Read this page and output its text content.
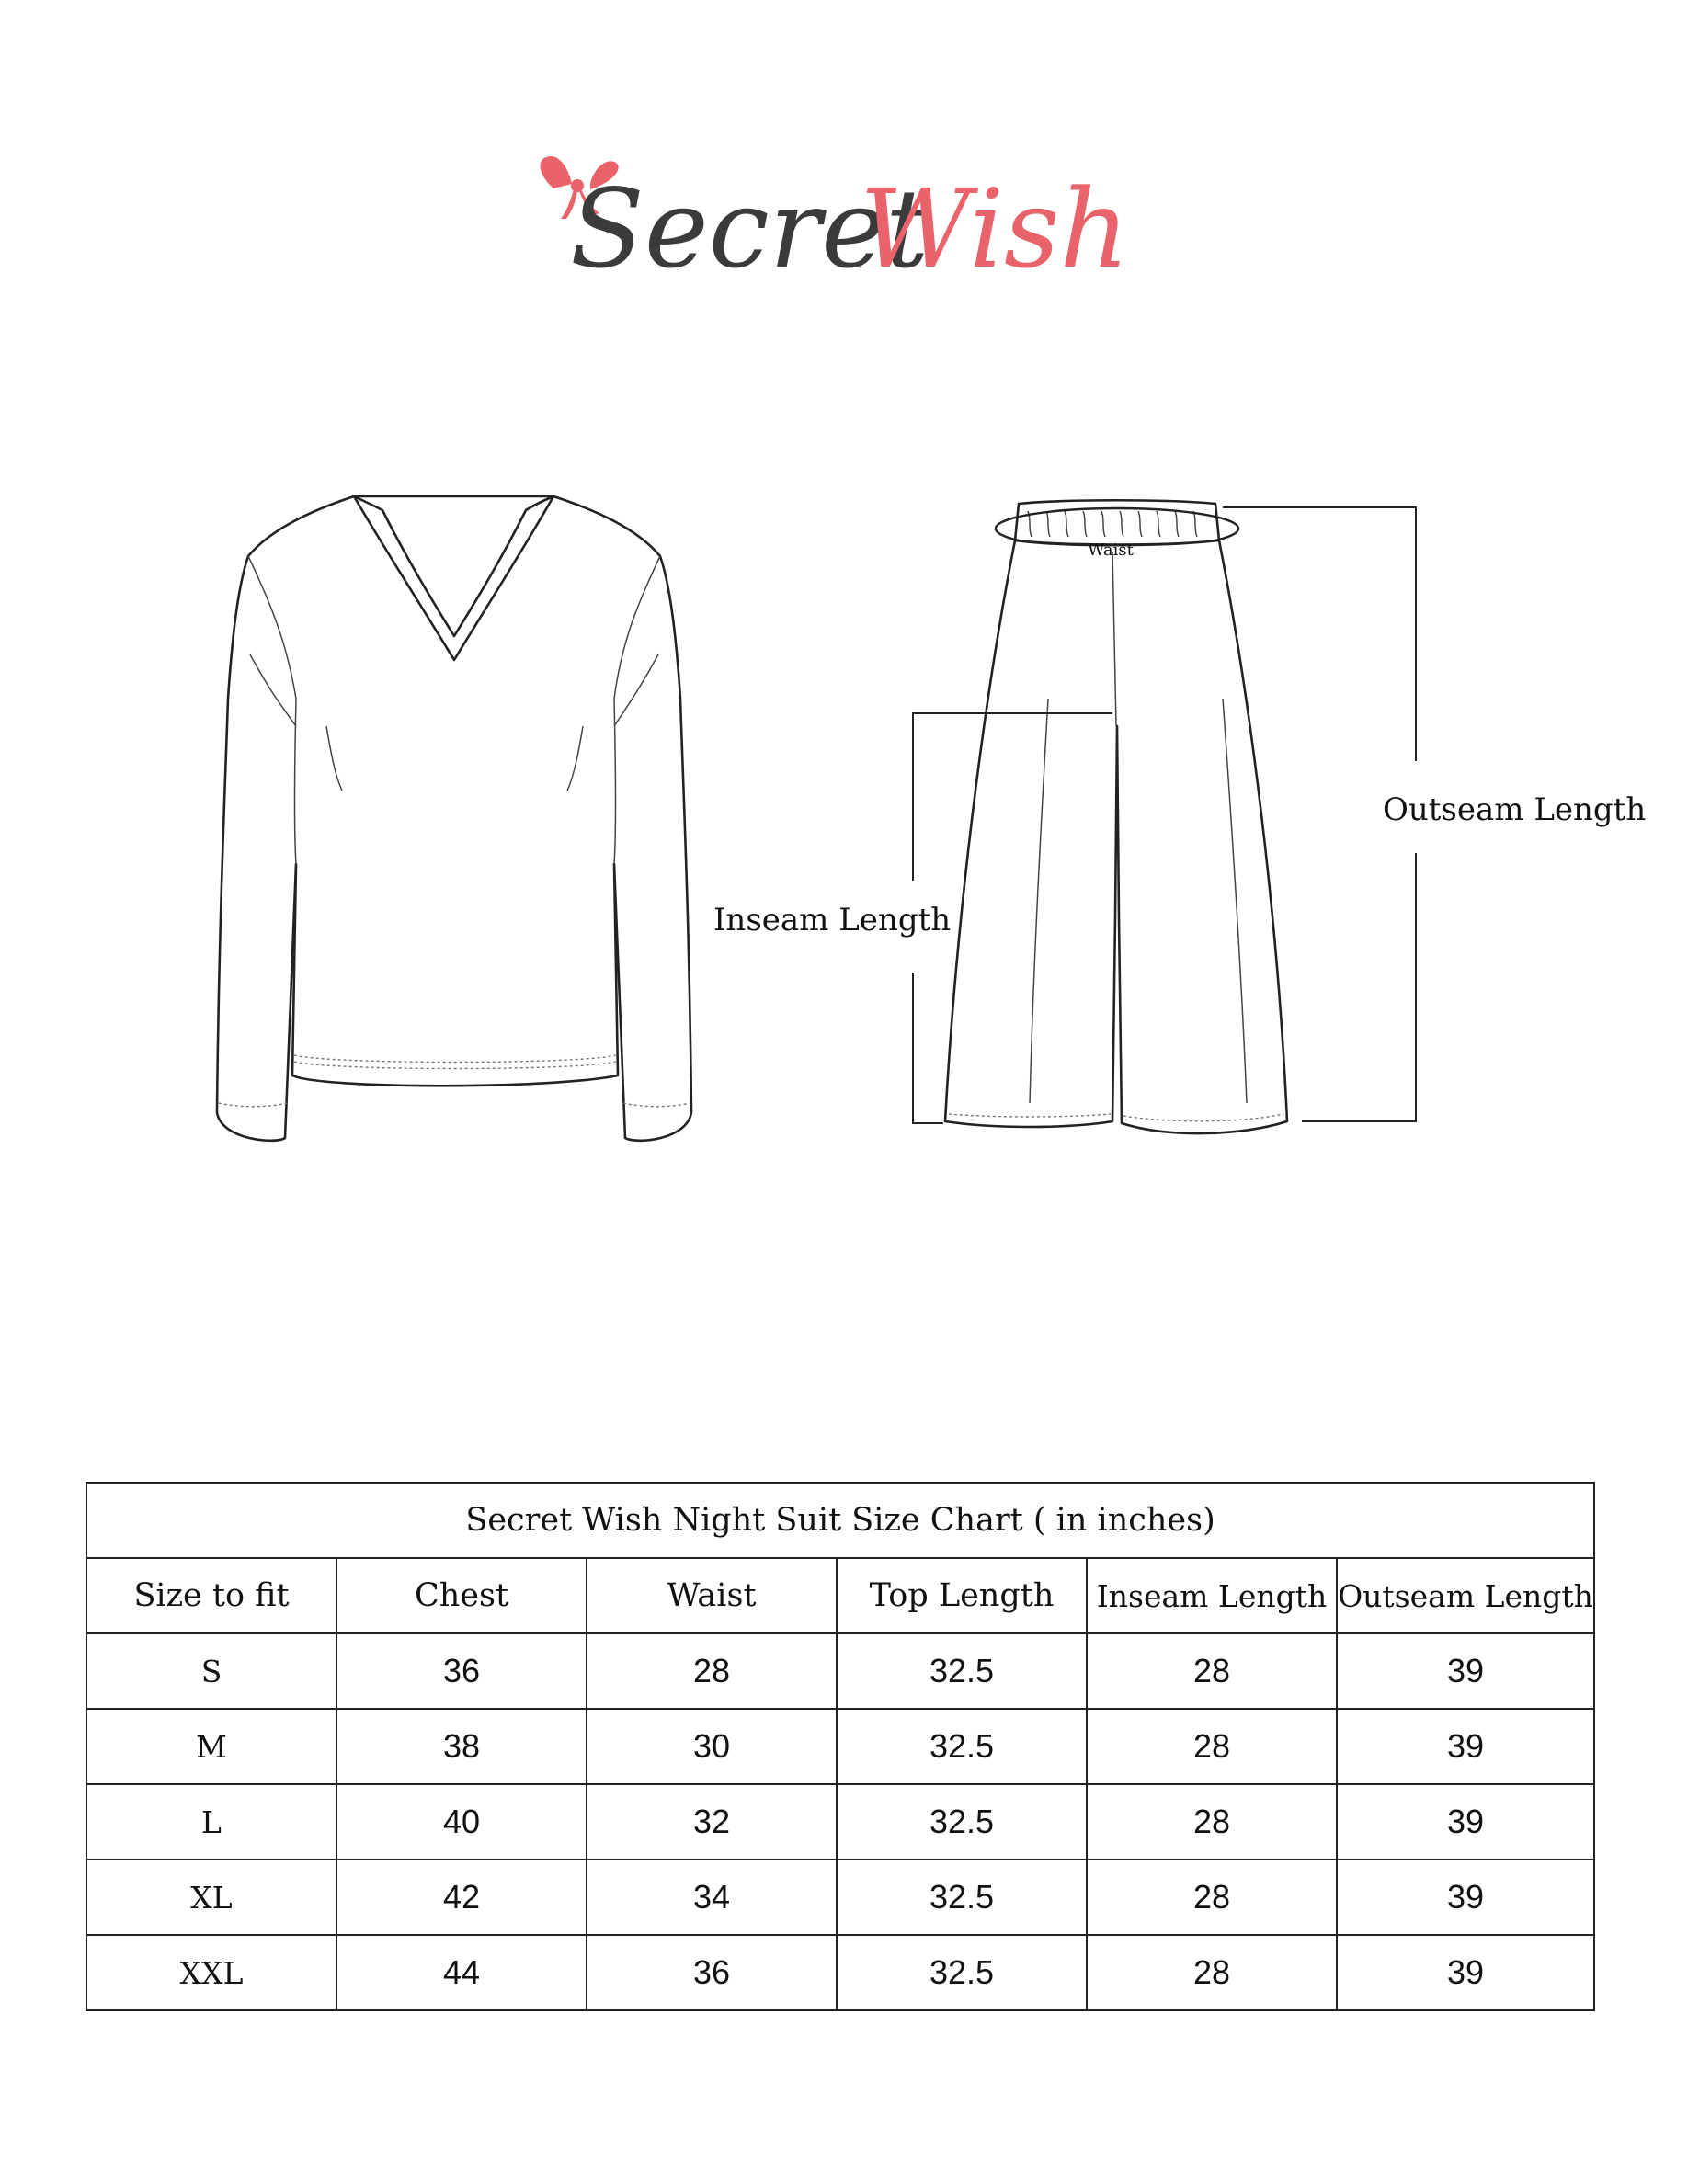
Secret
Wish
Waist
Inseam Length
Outseam Length
Secret Wish Night Suit Size Chart ( in inches)					
Size to fit	Chest	Waist	Top Length	Inseam Length	Outseam Length
S	36	28	32.5	28	39
M	38	30	32.5	28	39
L	40	32	32.5	28	39
XL	42	34	32.5	28	39
XXL	44	36	32.5	28	39
